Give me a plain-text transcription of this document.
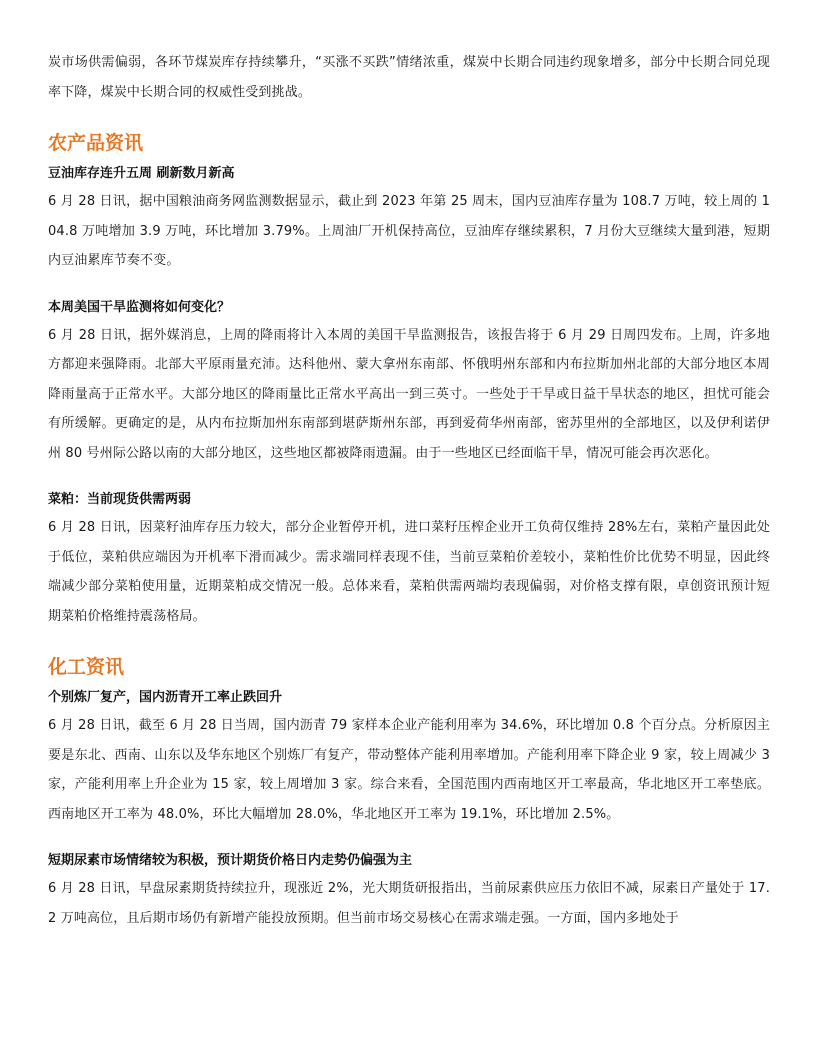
炭市场供需偏弱，各环节煤炭库存持续攀升，“买涨不买跌”情绪浓重，煤炭中长期合同违约现象增多，部分中长期合同兑现率下降，煤炭中长期合同的权威性受到挑战。

农产品资讯
豆油库存连升五周 刷新数月新高

6 月 28 日讯，据中国粮油商务网监测数据显示，截止到 2023 年第 25 周末，国内豆油库存量为 108.7 万吨，较上周的 104.8 万吨增加 3.9 万吨，环比增加 3.79%。上周油厂开机保持高位，豆油库存继续累积，7 月份大豆继续大量到港，短期内豆油累库节奏不变。

本周美国干旱监测将如何变化？

6 月 28 日讯，据外媒消息，上周的降雨将计入本周的美国干旱监测报告，该报告将于 6 月 29 日周四发布。上周，许多地方都迎来强降雨。北部大平原雨量充沛。达科他州、蒙大拿州东南部、怀俄明州东部和内布拉斯加州北部的大部分地区本周降雨量高于正常水平。大部分地区的降雨量比正常水平高出一到三英寸。一些处于干旱或日益干旱状态的地区，担忧可能会有所缓解。更确定的是，从内布拉斯加州东南部到堪萨斯州东部，再到爱荷华州南部，密苏里州的全部地区，以及伊利诺伊州 80 号州际公路以南的大部分地区，这些地区都被降雨遗漏。由于一些地区已经面临干旱，情况可能会再次恶化。

菜粕：当前现货供需两弱

6 月 28 日讯，因菜籽油库存压力较大，部分企业暂停开机，进口菜籽压榨企业开工负荷仅维持 28%左右，菜粕产量因此处于低位，菜粕供应端因为开机率下滑而减少。需求端同样表现不佳，当前豆菜粕价差较小，菜粕性价比优势不明显，因此终端减少部分菜粕使用量，近期菜粕成交情况一般。总体来看，菜粕供需两端均表现偏弱，对价格支撑有限，卓创资讯预计短期菜粕价格维持震荡格局。

化工资讯
个别炼厂复产，国内沥青开工率止跌回升

6 月 28 日讯，截至 6 月 28 日当周，国内沥青 79 家样本企业产能利用率为 34.6%，环比增加 0.8 个百分点。分析原因主要是东北、西南、山东以及华东地区个别炼厂有复产，带动整体产能利用率增加。产能利用率下降企业 9 家，较上周减少 3 家，产能利用率上升企业为 15 家，较上周增加 3 家。综合来看，全国范围内西南地区开工率最高，华北地区开工率垫底。西南地区开工率为 48.0%，环比大幅增加 28.0%，华北地区开工率为 19.1%，环比增加 2.5%。

短期尿素市场情绪较为积极，预计期货价格日内走势仍偏强为主

6 月 28 日讯，早盘尿素期货持续拉升，现涨近 2%，光大期货研报指出，当前尿素供应压力依旧不减，尿素日产量处于 17.2 万吨高位，且后期市场仍有新增产能投放预期。但当前市场交易核心在需求端走强。一方面，国内多地处于
